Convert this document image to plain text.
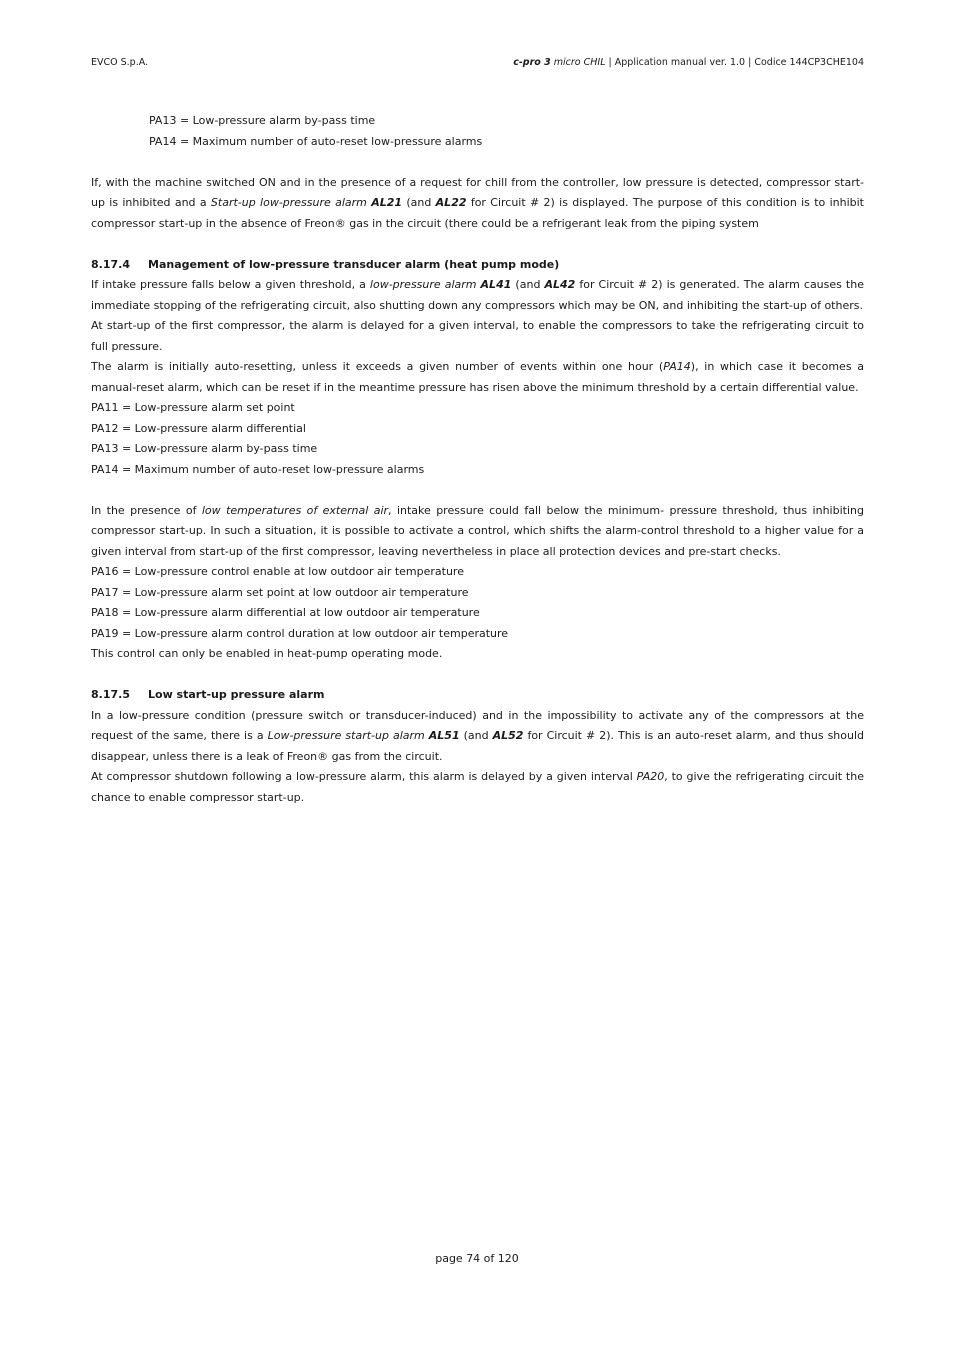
EVCO S.p.A.	c-pro 3 micro CHIL | Application manual ver. 1.0 | Codice 144CP3CHE104

PA13 = Low-pressure alarm by-pass time

PA14 = Maximum number of auto-reset low-pressure alarms

If, with the machine switched ON and in the presence of a request for chill from the controller, low pressure is detected, compressor start-up is inhibited and a Start-up low-pressure alarm AL21 (and AL22 for Circuit # 2) is displayed. The purpose of this condition is to inhibit compressor start-up in the absence of Freon® gas in the circuit (there could be a refrigerant leak from the piping system

8.17.4 Management of low-pressure transducer alarm (heat pump mode)

If intake pressure falls below a given threshold, a low-pressure alarm AL41 (and AL42 for Circuit # 2) is generated. The alarm causes the immediate stopping of the refrigerating circuit, also shutting down any compressors which may be ON, and inhibiting the start-up of others.

At start-up of the first compressor, the alarm is delayed for a given interval, to enable the compressors to take the refrigerating circuit to full pressure.

The alarm is initially auto-resetting, unless it exceeds a given number of events within one hour (PA14), in which case it becomes a manual-reset alarm, which can be reset if in the meantime pressure has risen above the minimum threshold by a certain differential value.

PA11 = Low-pressure alarm set point

PA12 = Low-pressure alarm differential

PA13 = Low-pressure alarm by-pass time

PA14 = Maximum number of auto-reset low-pressure alarms

In the presence of low temperatures of external air, intake pressure could fall below the minimum- pressure threshold, thus inhibiting compressor start-up. In such a situation, it is possible to activate a control, which shifts the alarm-control threshold to a higher value for a given interval from start-up of the first compressor, leaving nevertheless in place all protection devices and pre-start checks.

PA16 = Low-pressure control enable at low outdoor air temperature

PA17 = Low-pressure alarm set point at low outdoor air temperature

PA18 = Low-pressure alarm differential at low outdoor air temperature

PA19 = Low-pressure alarm control duration at low outdoor air temperature

This control can only be enabled in heat-pump operating mode.

8.17.5 Low start-up pressure alarm

In a low-pressure condition (pressure switch or transducer-induced) and in the impossibility to activate any of the compressors at the request of the same, there is a Low-pressure start-up alarm AL51 (and AL52 for Circuit # 2). This is an auto-reset alarm, and thus should disappear, unless there is a leak of Freon® gas from the circuit.

At compressor shutdown following a low-pressure alarm, this alarm is delayed by a given interval PA20, to give the refrigerating circuit the chance to enable compressor start-up.

page 74 of 120
